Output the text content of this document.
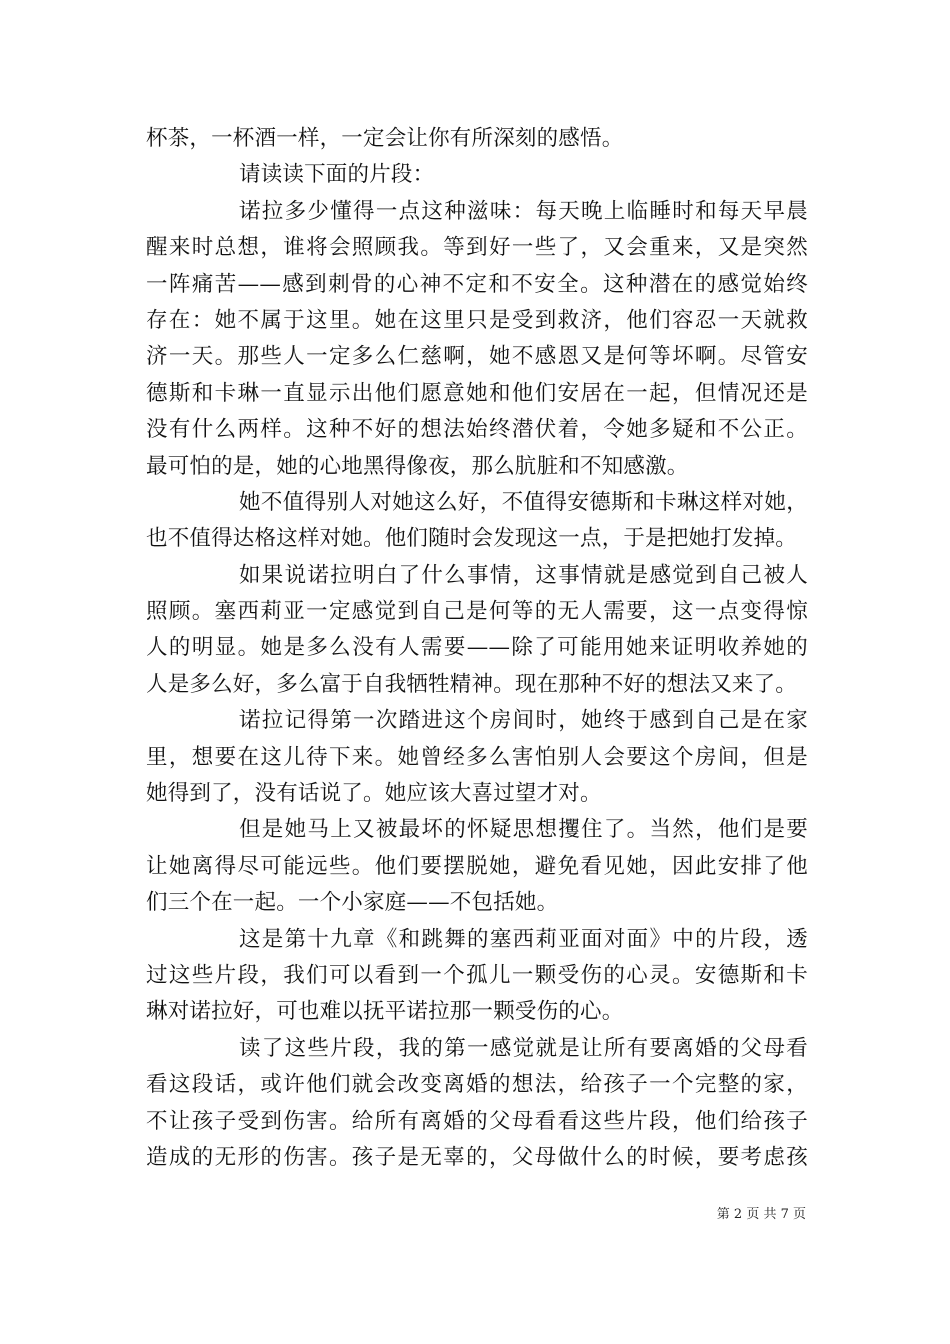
杯茶，一杯酒一样，一定会让你有所深刻的感悟。
请读读下面的片段：
诺拉多少懂得一点这种滋味：每天晚上临睡时和每天早晨
醒来时总想，谁将会照顾我。等到好一些了，又会重来，又是突然
一阵痛苦——感到刺骨的心神不定和不安全。这种潜在的感觉始终
存在：她不属于这里。她在这里只是受到救济，他们容忍一天就救
济一天。那些人一定多么仁慈啊，她不感恩又是何等坏啊。尽管安
德斯和卡琳一直显示出他们愿意她和他们安居在一起，但情况还是
没有什么两样。这种不好的想法始终潜伏着，令她多疑和不公正。
最可怕的是，她的心地黑得像夜，那么肮脏和不知感激。
她不值得别人对她这么好，不值得安德斯和卡琳这样对她，
也不值得达格这样对她。他们随时会发现这一点，于是把她打发掉。
如果说诺拉明白了什么事情，这事情就是感觉到自己被人
照顾。塞西莉亚一定感觉到自己是何等的无人需要，这一点变得惊
人的明显。她是多么没有人需要——除了可能用她来证明收养她的
人是多么好，多么富于自我牺牲精神。现在那种不好的想法又来了。
诺拉记得第一次踏进这个房间时，她终于感到自己是在家
里，想要在这儿待下来。她曾经多么害怕别人会要这个房间，但是
她得到了，没有话说了。她应该大喜过望才对。
但是她马上又被最坏的怀疑思想攫住了。当然，他们是要
让她离得尽可能远些。他们要摆脱她，避免看见她，因此安排了他
们三个在一起。一个小家庭——不包括她。
这是第十九章《和跳舞的塞西莉亚面对面》中的片段，透
过这些片段，我们可以看到一个孤儿一颗受伤的心灵。安德斯和卡
琳对诺拉好，可也难以抚平诺拉那一颗受伤的心。
读了这些片段，我的第一感觉就是让所有要离婚的父母看
看这段话，或许他们就会改变离婚的想法，给孩子一个完整的家，
不让孩子受到伤害。给所有离婚的父母看看这些片段，他们给孩子
造成的无形的伤害。孩子是无辜的，父母做什么的时候，要考虑孩
第 2 页 共 7 页
